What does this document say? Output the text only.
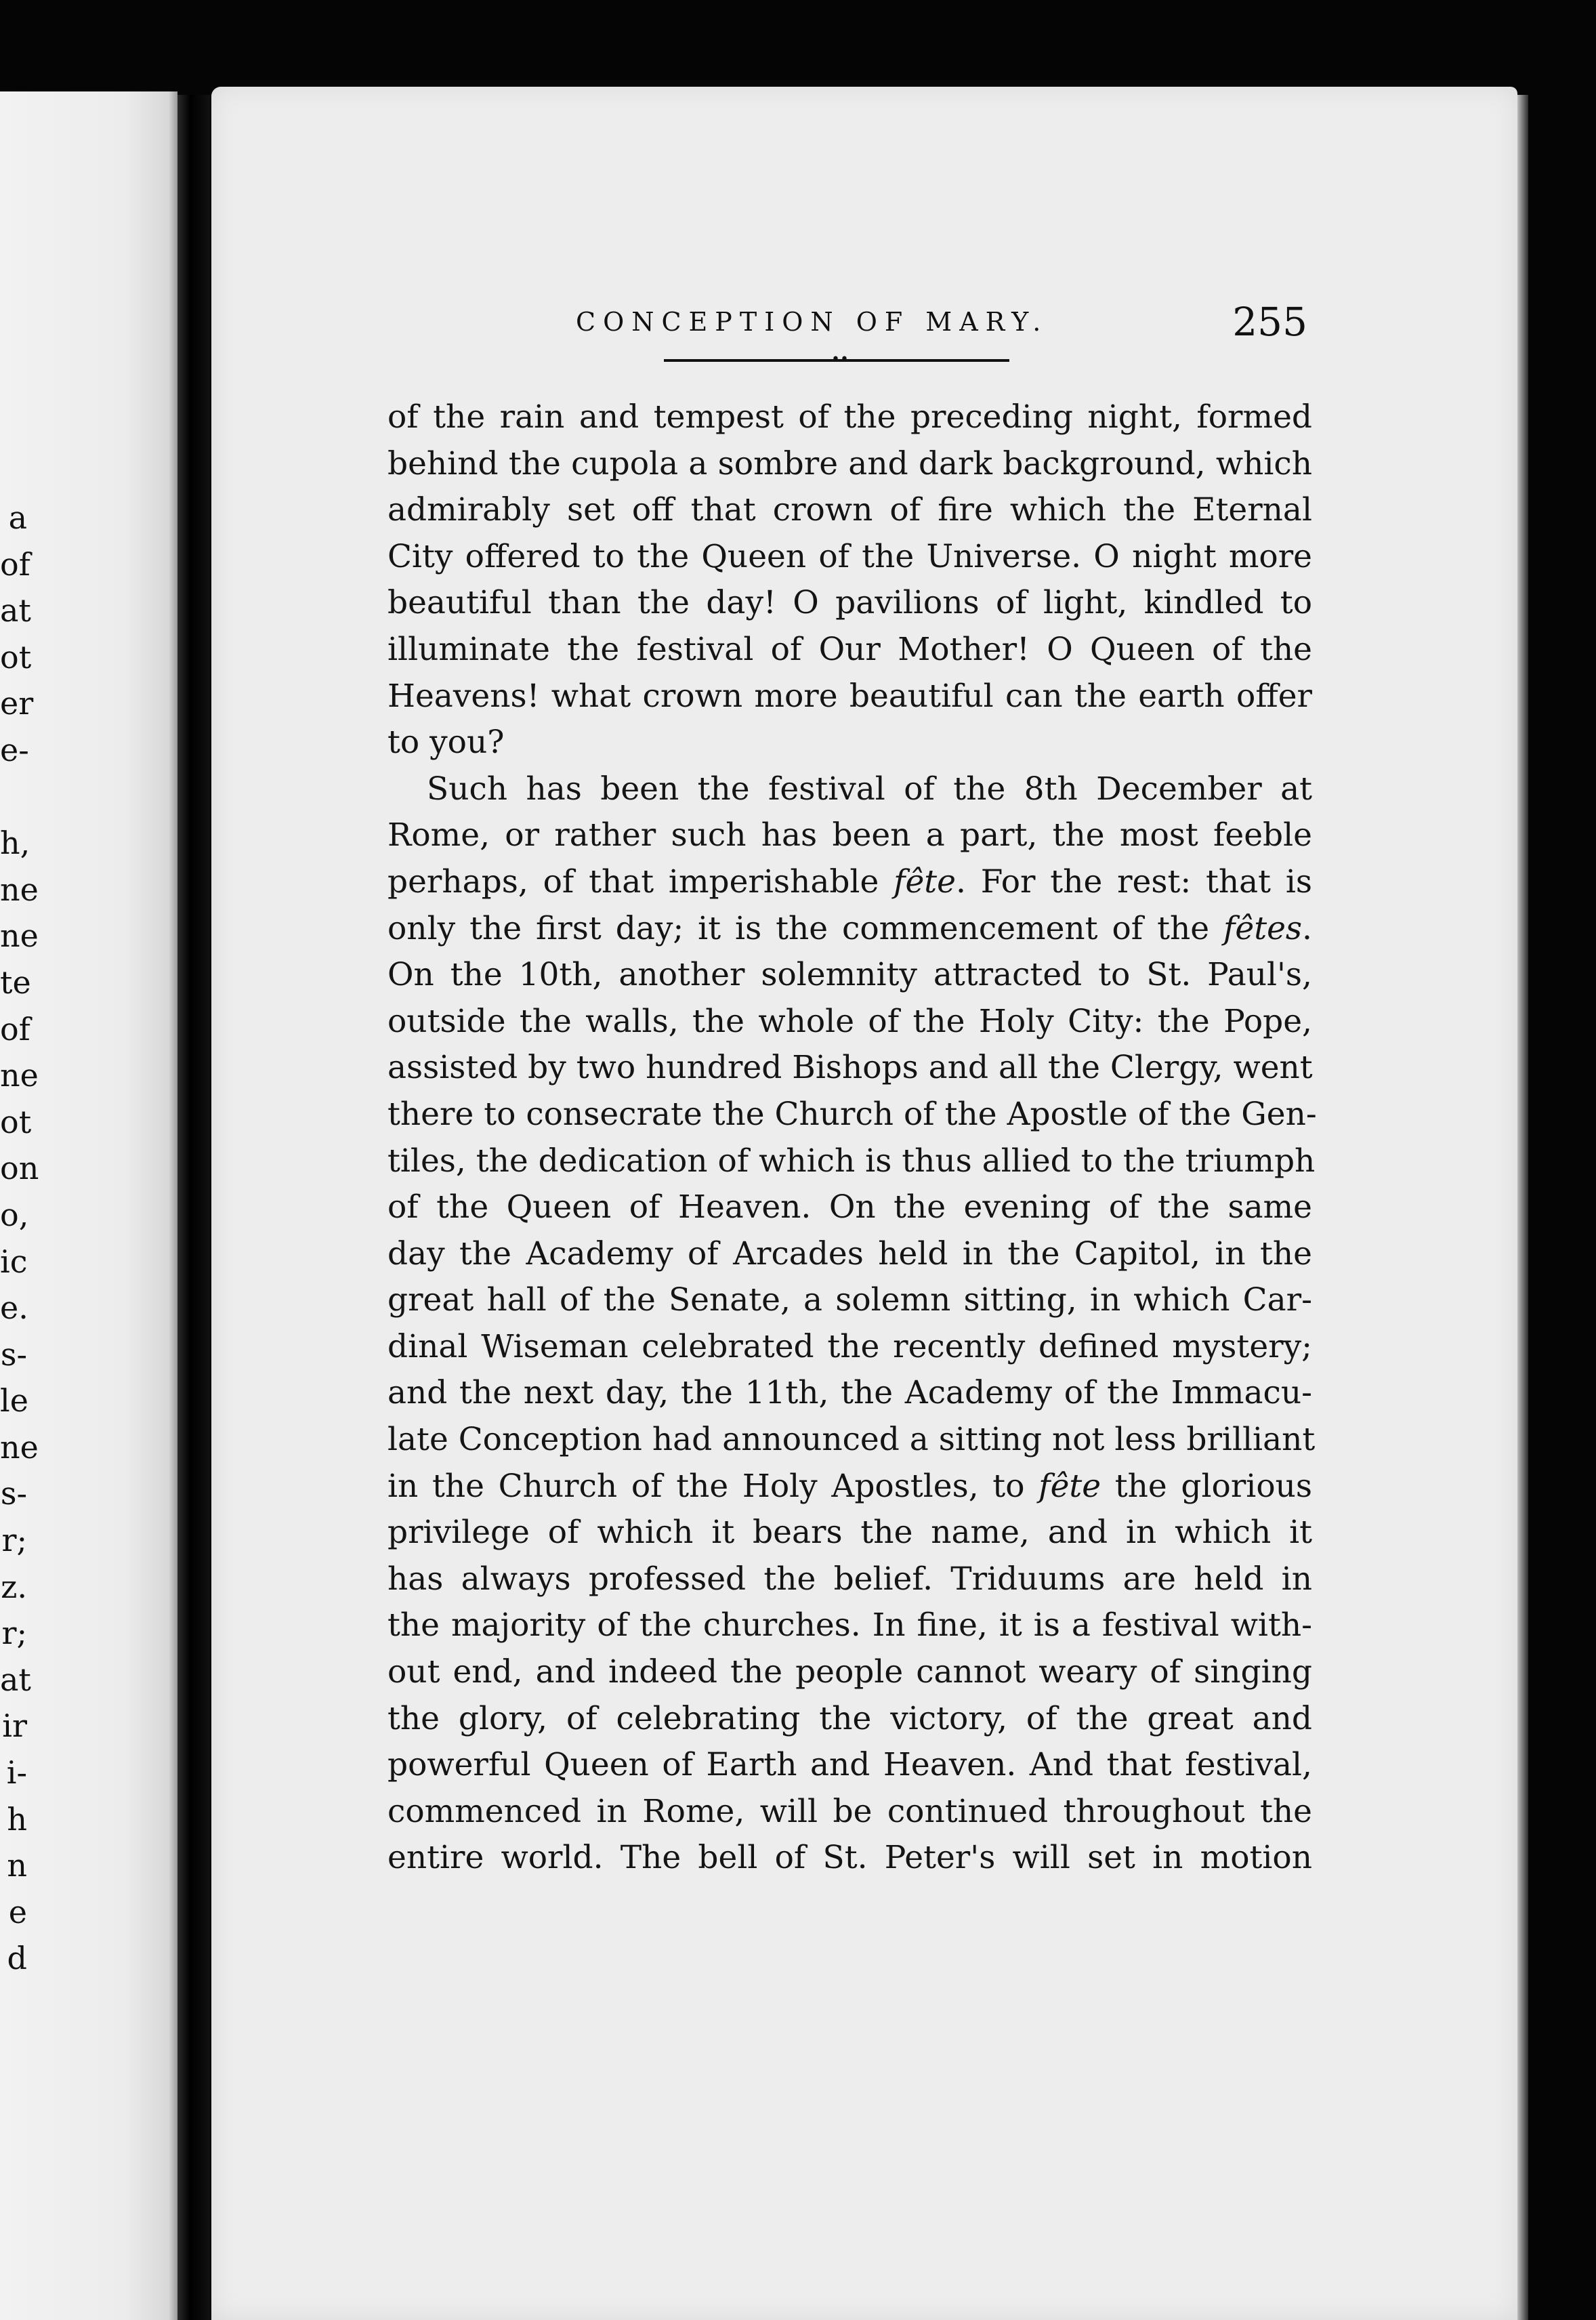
a
of
at
ot
er
e-
h,
ne
ne
te
of
ne
ot
on
o,
ic
e.
s-
le
ne
s-
r;
z.
r;
at
ir
i-
h
n
e
d
CONCEPTION OF MARY.	255
••
of the rain and tempest of the preceding night, formed
behind the cupola a sombre and dark background, which
admirably set off that crown of fire which the Eternal
City offered to the Queen of the Universe. O night more
beautiful than the day! O pavilions of light, kindled to
illuminate the festival of Our Mother! O Queen of the
Heavens! what crown more beautiful can the earth offer
to you?
Such has been the festival of the 8th December at
Rome, or rather such has been a part, the most feeble
perhaps, of that imperishable fête. For the rest: that is
only the first day; it is the commencement of the fêtes.
On the 10th, another solemnity attracted to St. Paul's,
outside the walls, the whole of the Holy City: the Pope,
assisted by two hundred Bishops and all the Clergy, went
there to consecrate the Church of the Apostle of the Gen-
tiles, the dedication of which is thus allied to the triumph
of the Queen of Heaven. On the evening of the same
day the Academy of Arcades held in the Capitol, in the
great hall of the Senate, a solemn sitting, in which Car-
dinal Wiseman celebrated the recently defined mystery;
and the next day, the 11th, the Academy of the Immacu-
late Conception had announced a sitting not less brilliant
in the Church of the Holy Apostles, to fête the glorious
privilege of which it bears the name, and in which it
has always professed the belief. Triduums are held in
the majority of the churches. In fine, it is a festival with-
out end, and indeed the people cannot weary of singing
the glory, of celebrating the victory, of the great and
powerful Queen of Earth and Heaven. And that festival,
commenced in Rome, will be continued throughout the
entire world. The bell of St. Peter's will set in motion
